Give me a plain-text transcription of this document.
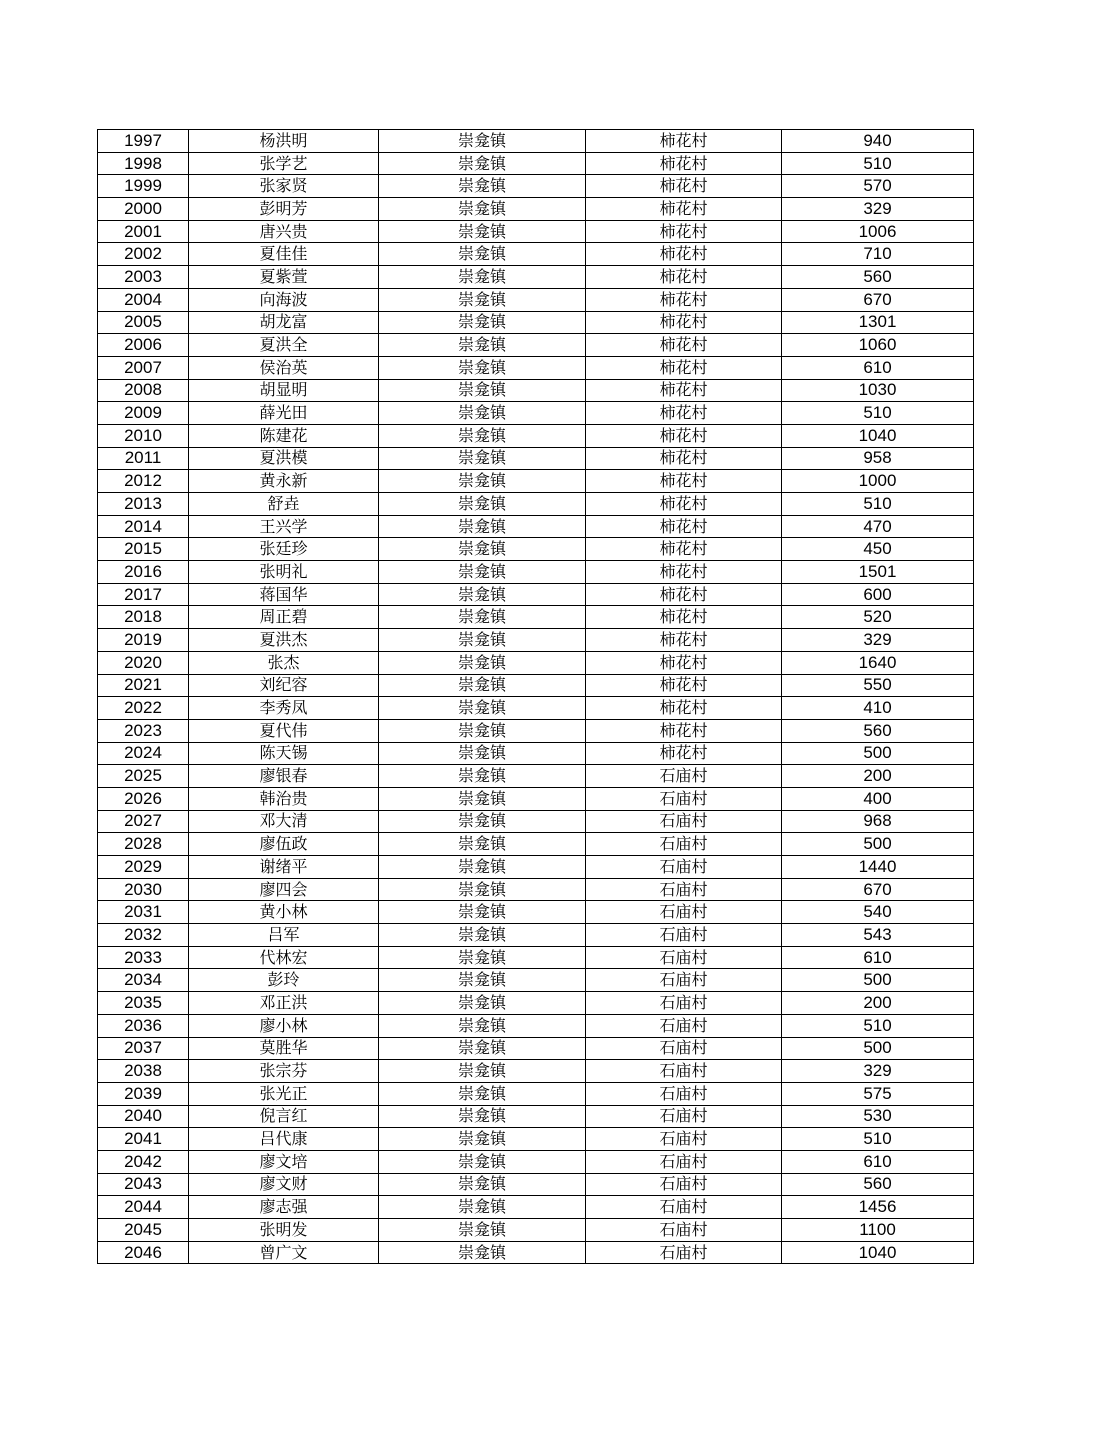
1997	杨洪明	崇龛镇	柿花村	940
1998	张学艺	崇龛镇	柿花村	510
1999	张家贤	崇龛镇	柿花村	570
2000	彭明芳	崇龛镇	柿花村	329
2001	唐兴贵	崇龛镇	柿花村	1006
2002	夏佳佳	崇龛镇	柿花村	710
2003	夏紫萱	崇龛镇	柿花村	560
2004	向海波	崇龛镇	柿花村	670
2005	胡龙富	崇龛镇	柿花村	1301
2006	夏洪全	崇龛镇	柿花村	1060
2007	侯治英	崇龛镇	柿花村	610
2008	胡显明	崇龛镇	柿花村	1030
2009	薛光田	崇龛镇	柿花村	510
2010	陈建花	崇龛镇	柿花村	1040
2011	夏洪模	崇龛镇	柿花村	958
2012	黄永新	崇龛镇	柿花村	1000
2013	舒垚	崇龛镇	柿花村	510
2014	王兴学	崇龛镇	柿花村	470
2015	张廷珍	崇龛镇	柿花村	450
2016	张明礼	崇龛镇	柿花村	1501
2017	蒋国华	崇龛镇	柿花村	600
2018	周正碧	崇龛镇	柿花村	520
2019	夏洪杰	崇龛镇	柿花村	329
2020	张杰	崇龛镇	柿花村	1640
2021	刘纪容	崇龛镇	柿花村	550
2022	李秀凤	崇龛镇	柿花村	410
2023	夏代伟	崇龛镇	柿花村	560
2024	陈天锡	崇龛镇	柿花村	500
2025	廖银春	崇龛镇	石庙村	200
2026	韩治贵	崇龛镇	石庙村	400
2027	邓大清	崇龛镇	石庙村	968
2028	廖伍政	崇龛镇	石庙村	500
2029	谢绪平	崇龛镇	石庙村	1440
2030	廖四会	崇龛镇	石庙村	670
2031	黄小林	崇龛镇	石庙村	540
2032	吕军	崇龛镇	石庙村	543
2033	代林宏	崇龛镇	石庙村	610
2034	彭玲	崇龛镇	石庙村	500
2035	邓正洪	崇龛镇	石庙村	200
2036	廖小林	崇龛镇	石庙村	510
2037	莫胜华	崇龛镇	石庙村	500
2038	张宗芬	崇龛镇	石庙村	329
2039	张光正	崇龛镇	石庙村	575
2040	倪言红	崇龛镇	石庙村	530
2041	吕代康	崇龛镇	石庙村	510
2042	廖文培	崇龛镇	石庙村	610
2043	廖文财	崇龛镇	石庙村	560
2044	廖志强	崇龛镇	石庙村	1456
2045	张明发	崇龛镇	石庙村	1100
2046	曾广文	崇龛镇	石庙村	1040
